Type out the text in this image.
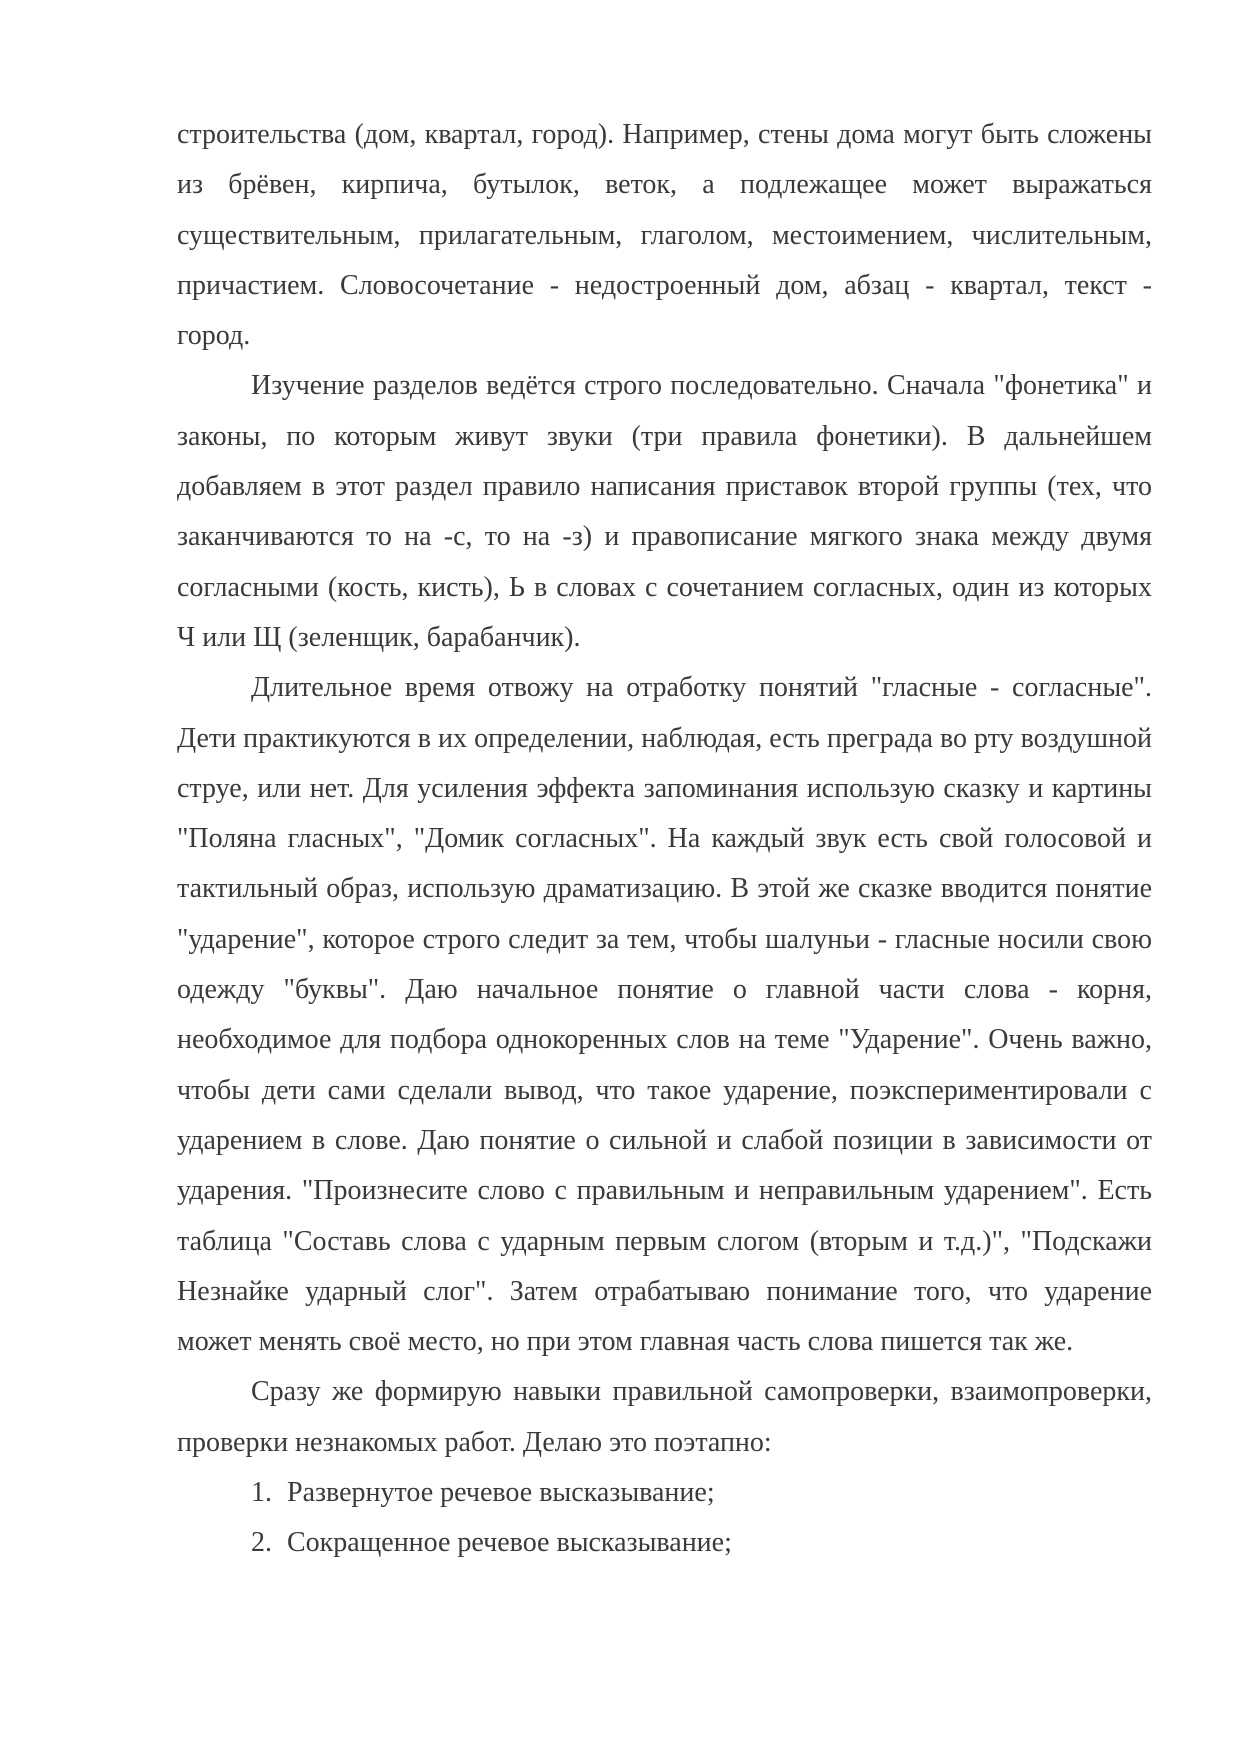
строительства (дом, квартал, город). Например, стены дома могут быть сложены из брёвен, кирпича, бутылок, веток, а подлежащее может выражаться существительным, прилагательным, глаголом, местоимением, числительным, причастием. Словосочетание - недостроенный дом, абзац - квартал, текст - город.

Изучение разделов ведётся строго последовательно. Сначала "фонетика" и законы, по которым живут звуки (три правила фонетики). В дальнейшем добавляем в этот раздел правило написания приставок второй группы (тех, что заканчиваются то на -с, то на -з) и правописание мягкого знака между двумя согласными (кость, кисть), Ь в словах с сочетанием согласных, один из которых Ч или Щ (зеленщик, барабанчик).

Длительное время отвожу на отработку понятий "гласные - согласные". Дети практикуются в их определении, наблюдая, есть преграда во рту воздушной струе, или нет. Для усиления эффекта запоминания использую сказку и картины "Поляна гласных", "Домик согласных". На каждый звук есть свой голосовой и тактильный образ, использую драматизацию. В этой же сказке вводится понятие "ударение", которое строго следит за тем, чтобы шалуньи - гласные носили свою одежду "буквы". Даю начальное понятие о главной части слова - корня, необходимое для подбора однокоренных слов на теме "Ударение". Очень важно, чтобы дети сами сделали вывод, что такое ударение, поэкспериментировали с ударением в слове. Даю понятие о сильной и слабой позиции в зависимости от ударения. "Произнесите слово с правильным и неправильным ударением". Есть таблица "Составь слова с ударным первым слогом (вторым и т.д.)", "Подскажи Незнайке ударный слог". Затем отрабатываю понимание того, что ударение может менять своё место, но при этом главная часть слова пишется так же.

Сразу же формирую навыки правильной самопроверки, взаимопроверки, проверки незнакомых работ. Делаю это поэтапно:

1. Развернутое речевое высказывание;
2. Сокращенное речевое высказывание;
